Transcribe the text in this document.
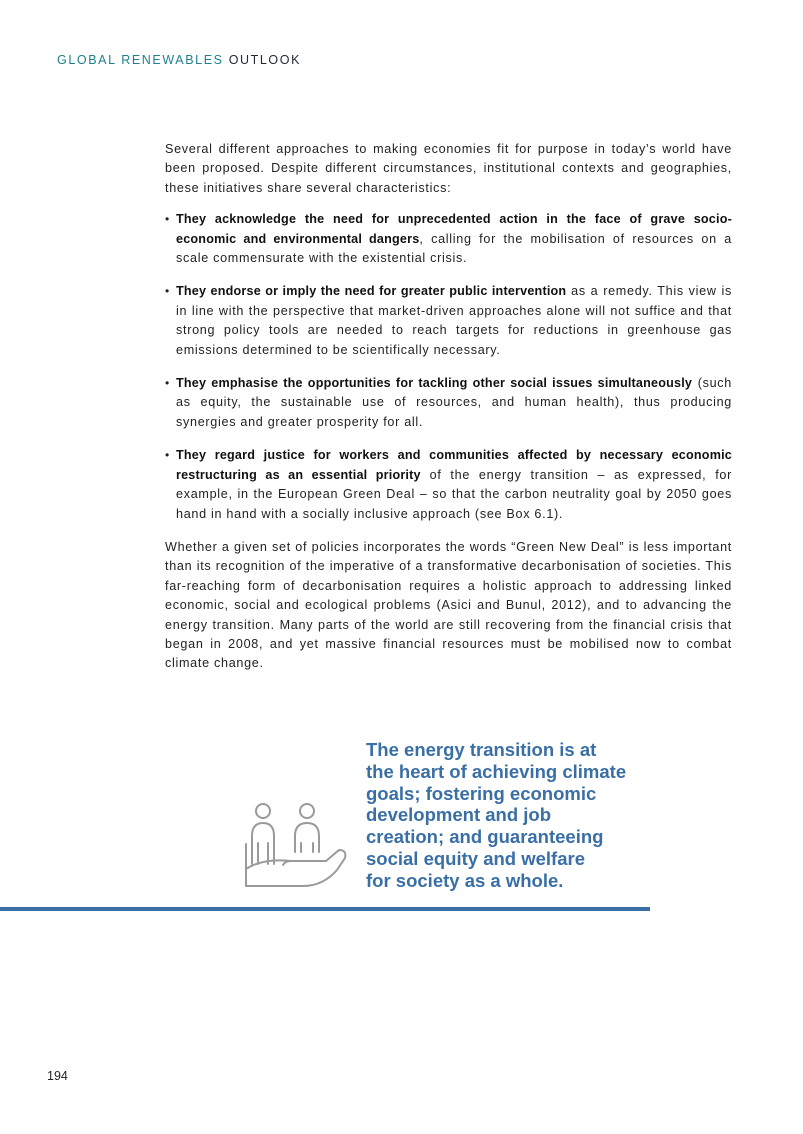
GLOBAL RENEWABLES OUTLOOK

Several different approaches to making economies fit for purpose in today’s world have been proposed. Despite different circumstances, institutional contexts and geographies, these initiatives share several characteristics:

• They acknowledge the need for unprecedented action in the face of grave socio-economic and environmental dangers, calling for the mobilisation of resources on a scale commensurate with the existential crisis.
• They endorse or imply the need for greater public intervention as a remedy. This view is in line with the perspective that market-driven approaches alone will not suffice and that strong policy tools are needed to reach targets for reductions in greenhouse gas emissions determined to be scientifically necessary.
• They emphasise the opportunities for tackling other social issues simultaneously (such as equity, the sustainable use of resources, and human health), thus producing synergies and greater prosperity for all.
• They regard justice for workers and communities affected by necessary economic restructuring as an essential priority of the energy transition – as expressed, for example, in the European Green Deal – so that the carbon neutrality goal by 2050 goes hand in hand with a socially inclusive approach (see Box 6.1).

Whether a given set of policies incorporates the words “Green New Deal” is less important than its recognition of the imperative of a transformative decarbonisation of societies. This far-reaching form of decarbonisation requires a holistic approach to addressing linked economic, social and ecological problems (Asici and Bunul, 2012), and to advancing the energy transition. Many parts of the world are still recovering from the financial crisis that began in 2008, and yet massive financial resources must be mobilised now to combat climate change.

The energy transition is at
the heart of achieving climate
goals; fostering economic
development and job
creation; and guaranteeing
social equity and welfare
for society as a whole.
194
